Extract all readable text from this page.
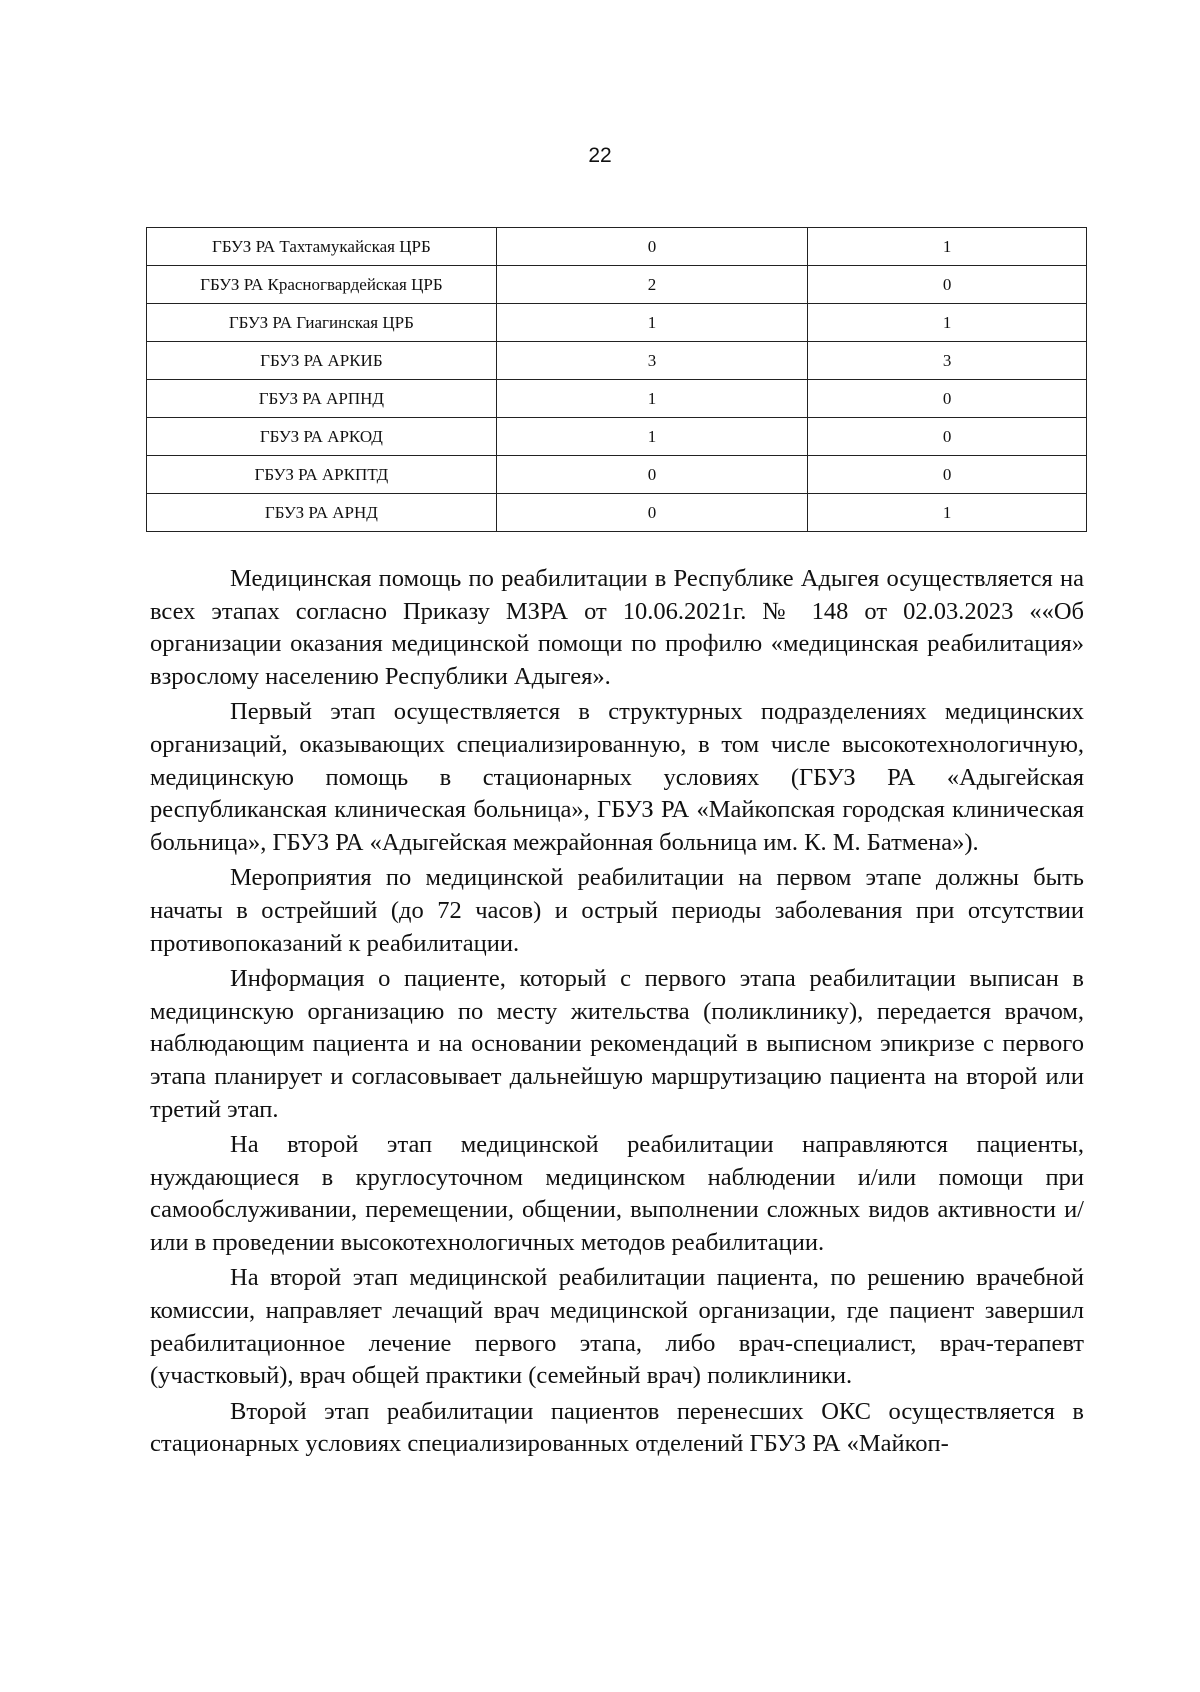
22
ГБУЗ РА Тахтамукайская ЦРБ	0	1
ГБУЗ РА Красногвардейская ЦРБ	2	0
ГБУЗ РА Гиагинская ЦРБ	1	1
ГБУЗ РА АРКИБ	3	3
ГБУЗ РА АРПНД	1	0
ГБУЗ РА АРКОД	1	0
ГБУЗ РА АРКПТД	0	0
ГБУЗ РА АРНД	0	1

Медицинская помощь по реабилитации в Республике Адыгея осуществляется на всех этапах согласно Приказу МЗРА от 10.06.2021г. № 148 от 02.03.2023 ««Об организации оказания медицинской помощи по профилю «медицинская реабилитация» взрослому населению Республики Адыгея».

Первый этап осуществляется в структурных подразделениях медицинских организаций, оказывающих специализированную, в том числе высокотехнологичную, медицинскую помощь в стационарных условиях (ГБУЗ РА «Адыгейская республиканская клиническая больница», ГБУЗ РА «Майкопская городская клиническая больница», ГБУЗ РА «Адыгейская межрайонная больница им. К. М. Батмена»).

Мероприятия по медицинской реабилитации на первом этапе должны быть начаты в острейший (до 72 часов) и острый периоды заболевания при отсутствии противопоказаний к реабилитации.

Информация о пациенте, который с первого этапа реабилитации выписан в медицинскую организацию по месту жительства (поликлинику), передается врачом, наблюдающим пациента и на основании рекомендаций в выписном эпикризе с первого этапа планирует и согласовывает дальнейшую маршрутизацию пациента на второй или третий этап.

На второй этап медицинской реабилитации направляются пациенты, нуждающиеся в круглосуточном медицинском наблюдении и/или помощи при самообслуживании, перемещении, общении, выполнении сложных видов активности и/или в проведении высокотехнологичных методов реабилитации.

На второй этап медицинской реабилитации пациента, по решению врачебной комиссии, направляет лечащий врач медицинской организации, где пациент завершил реабилитационное лечение первого этапа, либо врач-специалист, врач-терапевт (участковый), врач общей практики (семейный врач) поликлиники.

Второй этап реабилитации пациентов перенесших ОКС осуществляется в стационарных условиях специализированных отделений ГБУЗ РА «Майкоп-
